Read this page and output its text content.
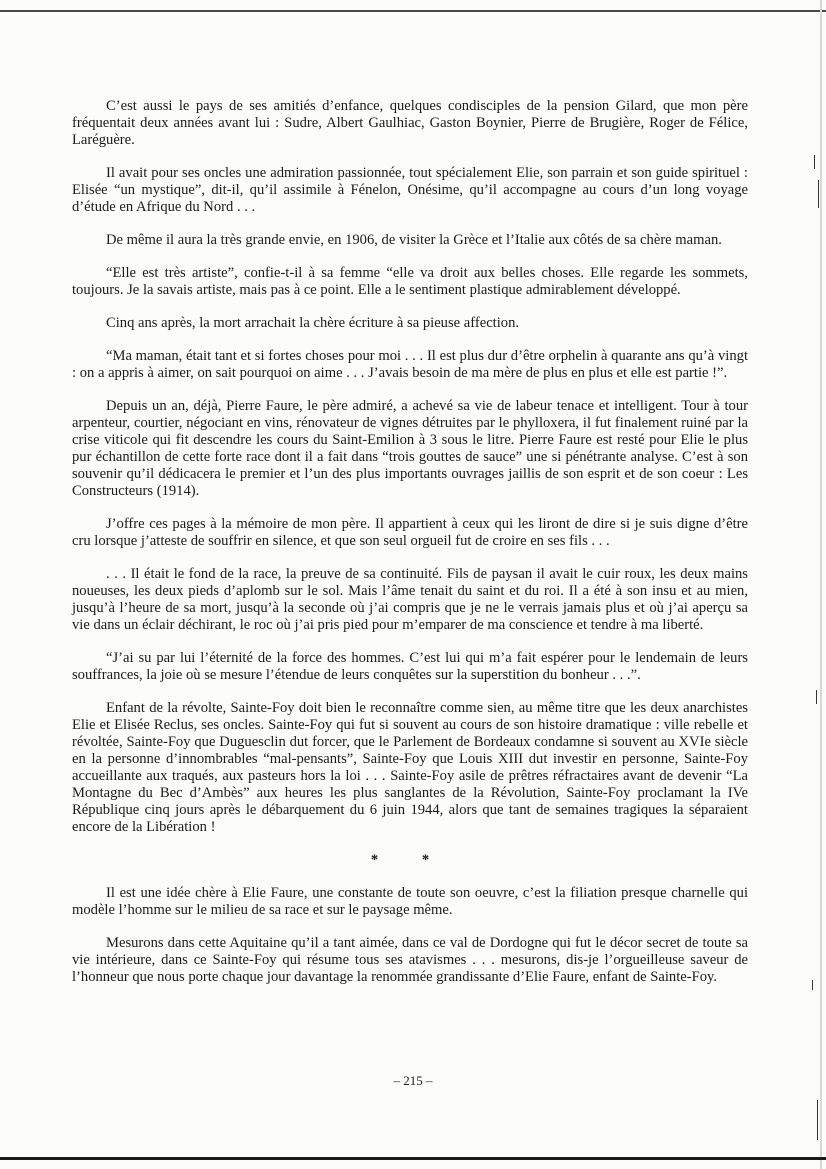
C’est aussi le pays de ses amitiés d’enfance, quelques condisciples de la pension Gilard, que mon père fréquentait deux années avant lui : Sudre, Albert Gaulhiac, Gaston Boynier, Pierre de Brugière, Roger de Félice, Laréguère.

Il avait pour ses oncles une admiration passionnée, tout spécialement Elie, son parrain et son guide spirituel : Elisée “un mystique”, dit-il, qu’il assimile à Fénelon, Onésime, qu’il accompagne au cours d’un long voyage d’étude en Afrique du Nord . . .

De même il aura la très grande envie, en 1906, de visiter la Grèce et l’Italie aux côtés de sa chère maman.

“Elle est très artiste”, confie-t-il à sa femme “elle va droit aux belles choses. Elle regarde les sommets, toujours. Je la savais artiste, mais pas à ce point. Elle a le sentiment plastique admirablement développé.

Cinq ans après, la mort arrachait la chère écriture à sa pieuse affection.

“Ma maman, était tant et si fortes choses pour moi . . . Il est plus dur d’être orphelin à quarante ans qu’à vingt : on a appris à aimer, on sait pourquoi on aime . . . J’avais besoin de ma mère de plus en plus et elle est partie !”.

Depuis un an, déjà, Pierre Faure, le père admiré, a achevé sa vie de labeur tenace et intelligent. Tour à tour arpenteur, courtier, négociant en vins, rénovateur de vignes détruites par le phylloxera, il fut finalement ruiné par la crise viticole qui fit descendre les cours du Saint-Emilion à 3 sous le litre. Pierre Faure est resté pour Elie le plus pur échantillon de cette forte race dont il a fait dans “trois gouttes de sauce” une si pénétrante analyse. C’est à son souvenir qu’il dédicacera le premier et l’un des plus importants ouvrages jaillis de son esprit et de son coeur : Les Constructeurs (1914).

J’offre ces pages à la mémoire de mon père. Il appartient à ceux qui les liront de dire si je suis digne d’être cru lorsque j’atteste de souffrir en silence, et que son seul orgueil fut de croire en ses fils . . .

. . . Il était le fond de la race, la preuve de sa continuité. Fils de paysan il avait le cuir roux, les deux mains noueuses, les deux pieds d’aplomb sur le sol. Mais l’âme tenait du saint et du roi. Il a été à son insu et au mien, jusqu’à l’heure de sa mort, jusqu’à la seconde où j’ai compris que je ne le verrais jamais plus et où j’ai aperçu sa vie dans un éclair déchirant, le roc où j’ai pris pied pour m’emparer de ma conscience et tendre à ma liberté.

“J’ai su par lui l’éternité de la force des hommes. C’est lui qui m’a fait espérer pour le lendemain de leurs souffrances, la joie où se mesure l’étendue de leurs conquêtes sur la superstition du bonheur . . .”.

Enfant de la révolte, Sainte-Foy doit bien le reconnaître comme sien, au même titre que les deux anarchistes Elie et Elisée Reclus, ses oncles. Sainte-Foy qui fut si souvent au cours de son histoire dramatique : ville rebelle et révoltée, Sainte-Foy que Duguesclin dut forcer, que le Parlement de Bordeaux condamne si souvent au XVIe siècle en la personne d’innombrables “mal-pensants”, Sainte-Foy que Louis XIII dut investir en personne, Sainte-Foy accueillante aux traqués, aux pasteurs hors la loi . . . Sainte-Foy asile de prêtres réfractaires avant de devenir “La Montagne du Bec d’Ambès” aux heures les plus sanglantes de la Révolution, Sainte-Foy proclamant la IVe République cinq jours après le débarquement du 6 juin 1944, alors que tant de semaines tragiques la séparaient encore de la Libération !

* *

Il est une idée chère à Elie Faure, une constante de toute son oeuvre, c’est la filiation presque charnelle qui modèle l’homme sur le milieu de sa race et sur le paysage même.

Mesurons dans cette Aquitaine qu’il a tant aimée, dans ce val de Dordogne qui fut le décor secret de toute sa vie intérieure, dans ce Sainte-Foy qui résume tous ses atavismes . . . mesurons, dis-je l’orgueilleuse saveur de l’honneur que nous porte chaque jour davantage la renommée grandissante d’Elie Faure, enfant de Sainte-Foy.

– 215 –
